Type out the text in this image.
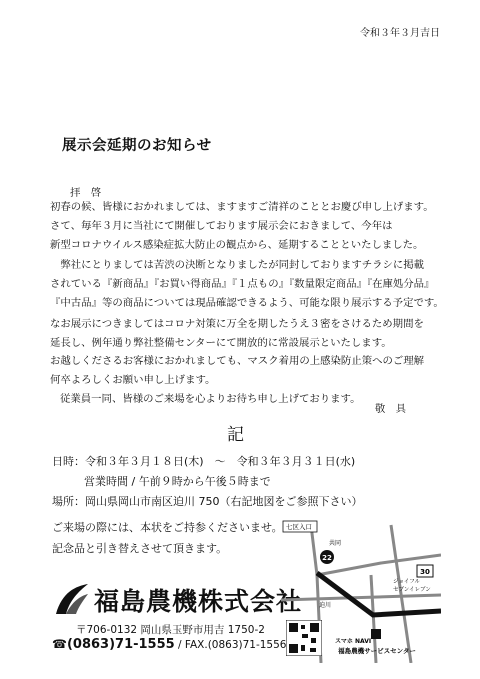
令和３年３月吉日
展示会延期のお知らせ
拝　啓

初春の候、皆様におかれましては、ますますご清祥のこととお慶び申し上げます。

さて、毎年３月に当社にて開催しております展示会におきまして、今年は

新型コロナウイルス感染症拡大防止の観点から、延期することといたしました。

　弊社にとりましては苦渋の決断となりましたが同封しておりますチラシに掲載

されている『新商品』『お買い得商品』『１点もの』『数量限定商品』『在庫処分品』

『中古品』等の商品については現品確認できるよう、可能な限り展示する予定です。

なお展示につきましてはコロナ対策に万全を期したうえ３密をさけるため期間を

延長し、例年通り弊社整備センターにて開放的に常設展示といたします。

お越しくださるお客様におかれましても、マスク着用の上感染防止策へのご理解

何卒よろしくお願い申し上げます。

従業員一同、皆様のご来場を心よりお待ち申し上げております。

敬　具
記
日時：令和３年３月１８日(木)　～　令和３年３月３１日(水)
営業時間 / 午前９時から午後５時まで
場所：岡山県岡山市南区迫川 750（右記地図をご参照下さい）
ご来場の際には、本状をご持参くださいませ。
記念品と引き替えさせて頂きます。
福島農機株式会社
〒706-0132 岡山県玉野市用吉 1750-2
☎(0863)71-1555 / FAX.(0863)71-1556
七区入口
共同
迫川
ジョイフル
セブンイレブン
22
30
福島農機サービスセンター
スマホ NAVI
